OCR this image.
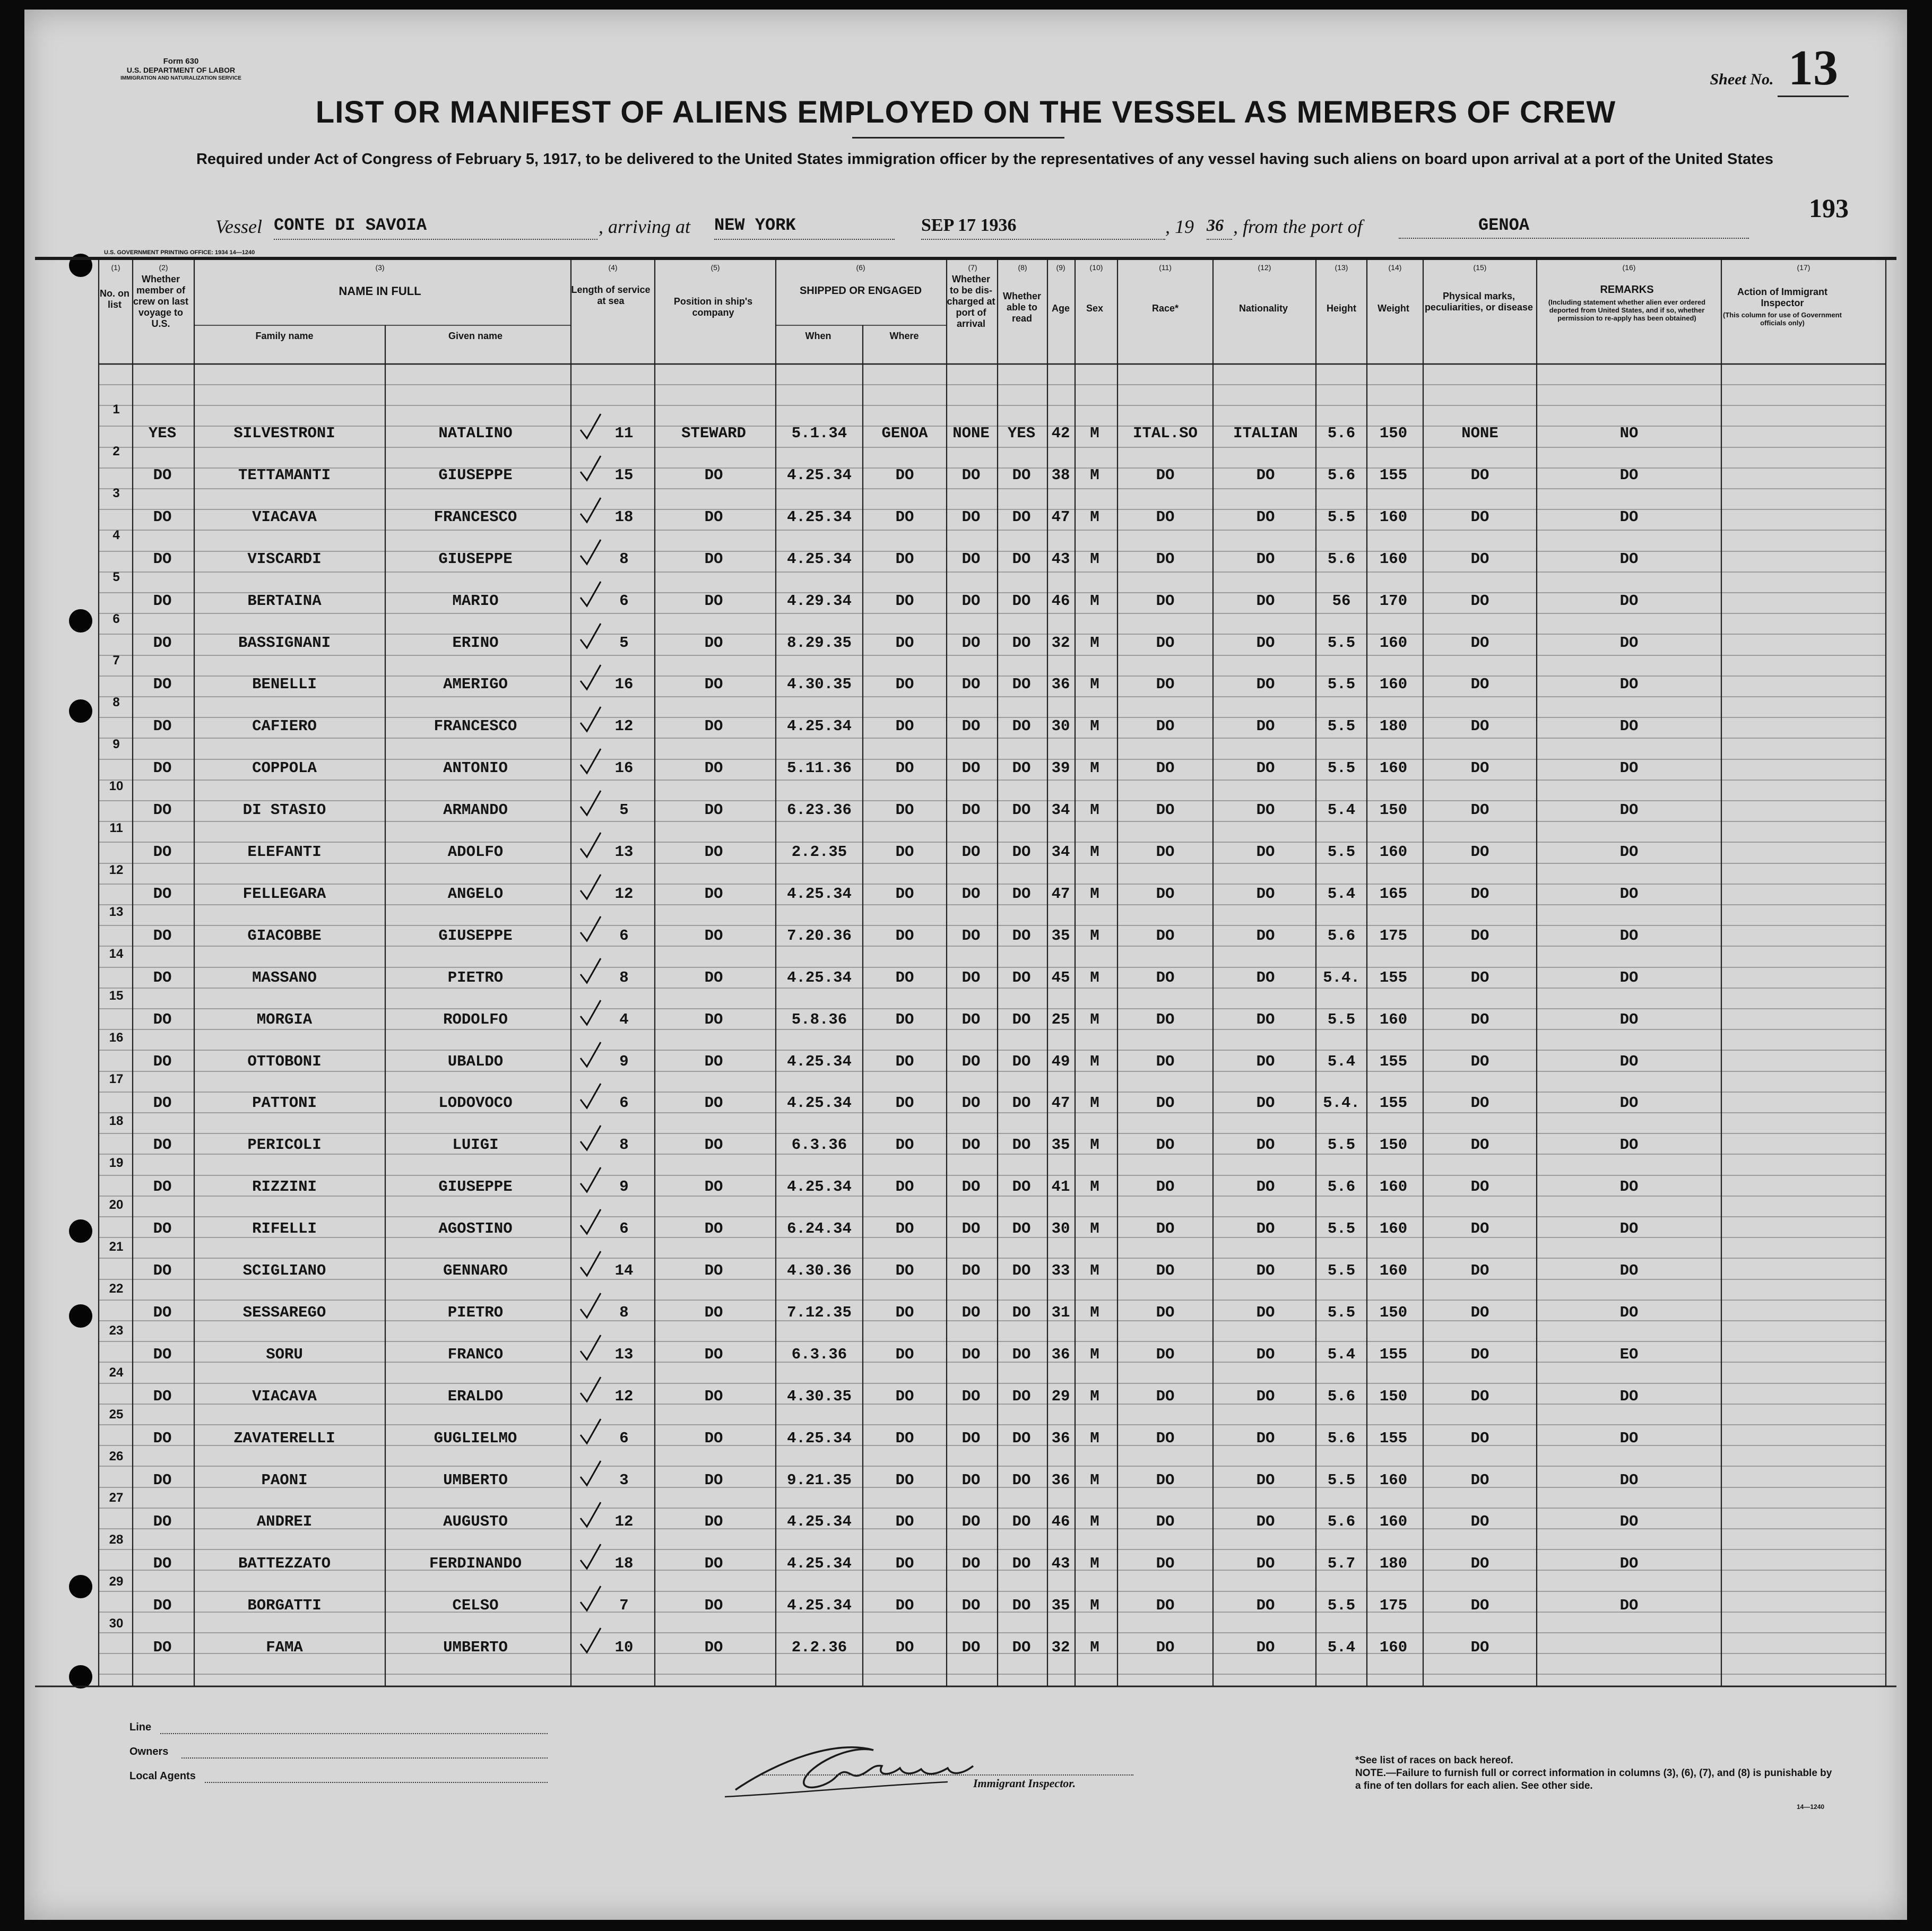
Form 630
U.S. DEPARTMENT OF LABOR
IMMIGRATION AND NATURALIZATION SERVICE	Sheet No. 13
LIST OR MANIFEST OF ALIENS EMPLOYED ON THE VESSEL AS MEMBERS OF CREW
Required under Act of Congress of February 5, 1917, to be delivered to the United States immigration officer by the representatives of any vessel having such aliens on board upon arrival at a port of the United States
193
Vessel CONTE DI SAVOIA	, arriving at NEW YORK	SEP 17 1936	, 19 36 , from the port of	GENOA
U.S. GOVERNMENT PRINTING OFFICE: 1934 14—1240
No. on list
Whether member of crew on last voyage to U.S.
NAME IN FULL
Family name	Given name
Length of service at sea	Position in ship's company
SHIPPED OR ENGAGED
When	Where
Whether to be dis-charged at port of arrival
Whether able to read
Age	Sex	Race*	Nationality	Height	Weight
Physical marks, peculiarities, or disease
REMARKS
(Including statement whether alien ever ordered deported from United States, and if so, whether permission to re-apply has been obtained)
Action of Immigrant Inspector
(This column for use of Government officials only)
(1)	(2)	(3)	(4)	(5)	(6)	(7)	(8)	(9)	(10)	(11)	(12)	(13)	(14)	(15)	(16)	(17)
1
YES	SILVESTRONI	NATALINO	11	STEWARD	5.1.34	GENOA	NONE	YES	42	M	ITAL.SO	ITALIAN	5.6	150	NONE	NO
2
DO	TETTAMANTI	GIUSEPPE	15	DO	4.25.34	DO	DO	DO	38	M	DO	DO	5.6	155	DO	DO
3
DO	VIACAVA	FRANCESCO	18	DO	4.25.34	DO	DO	DO	47	M	DO	DO	5.5	160	DO	DO
4
DO	VISCARDI	GIUSEPPE	8	DO	4.25.34	DO	DO	DO	43	M	DO	DO	5.6	160	DO	DO
5
DO	BERTAINA	MARIO	6	DO	4.29.34	DO	DO	DO	46	M	DO	DO	56	170	DO	DO
6
DO	BASSIGNANI	ERINO	5	DO	8.29.35	DO	DO	DO	32	M	DO	DO	5.5	160	DO	DO
7
DO	BENELLI	AMERIGO	16	DO	4.30.35	DO	DO	DO	36	M	DO	DO	5.5	160	DO	DO
8
DO	CAFIERO	FRANCESCO	12	DO	4.25.34	DO	DO	DO	30	M	DO	DO	5.5	180	DO	DO
9
DO	COPPOLA	ANTONIO	16	DO	5.11.36	DO	DO	DO	39	M	DO	DO	5.5	160	DO	DO
10
DO	DI STASIO	ARMANDO	5	DO	6.23.36	DO	DO	DO	34	M	DO	DO	5.4	150	DO	DO
11
DO	ELEFANTI	ADOLFO	13	DO	2.2.35	DO	DO	DO	34	M	DO	DO	5.5	160	DO	DO
12
DO	FELLEGARA	ANGELO	12	DO	4.25.34	DO	DO	DO	47	M	DO	DO	5.4	165	DO	DO
13
DO	GIACOBBE	GIUSEPPE	6	DO	7.20.36	DO	DO	DO	35	M	DO	DO	5.6	175	DO	DO
14
DO	MASSANO	PIETRO	8	DO	4.25.34	DO	DO	DO	45	M	DO	DO	5.4.	155	DO	DO
15
DO	MORGIA	RODOLFO	4	DO	5.8.36	DO	DO	DO	25	M	DO	DO	5.5	160	DO	DO
16
DO	OTTOBONI	UBALDO	9	DO	4.25.34	DO	DO	DO	49	M	DO	DO	5.4	155	DO	DO
17
DO	PATTONI	LODOVOCO	6	DO	4.25.34	DO	DO	DO	47	M	DO	DO	5.4.	155	DO	DO
18
DO	PERICOLI	LUIGI	8	DO	6.3.36	DO	DO	DO	35	M	DO	DO	5.5	150	DO	DO
19
DO	RIZZINI	GIUSEPPE	9	DO	4.25.34	DO	DO	DO	41	M	DO	DO	5.6	160	DO	DO
20
DO	RIFELLI	AGOSTINO	6	DO	6.24.34	DO	DO	DO	30	M	DO	DO	5.5	160	DO	DO
21
DO	SCIGLIANO	GENNARO	14	DO	4.30.36	DO	DO	DO	33	M	DO	DO	5.5	160	DO	DO
22
DO	SESSAREGO	PIETRO	8	DO	7.12.35	DO	DO	DO	31	M	DO	DO	5.5	150	DO	DO
23
DO	SORU	FRANCO	13	DO	6.3.36	DO	DO	DO	36	M	DO	DO	5.4	155	DO	EO
24
DO	VIACAVA	ERALDO	12	DO	4.30.35	DO	DO	DO	29	M	DO	DO	5.6	150	DO	DO
25
DO	ZAVATERELLI	GUGLIELMO	6	DO	4.25.34	DO	DO	DO	36	M	DO	DO	5.6	155	DO	DO
26
DO	PAONI	UMBERTO	3	DO	9.21.35	DO	DO	DO	36	M	DO	DO	5.5	160	DO	DO
27
DO	ANDREI	AUGUSTO	12	DO	4.25.34	DO	DO	DO	46	M	DO	DO	5.6	160	DO	DO
28
DO	BATTEZZATO	FERDINANDO	18	DO	4.25.34	DO	DO	DO	43	M	DO	DO	5.7	180	DO	DO
29
DO	BORGATTI	CELSO	7	DO	4.25.34	DO	DO	DO	35	M	DO	DO	5.5	175	DO	DO
30
DO	FAMA	UMBERTO	10	DO	2.2.36	DO	DO	DO	32	M	DO	DO	5.4	160	DO
Line
Owners
Local Agents
Immigrant Inspector.
*See list of races on back hereof.
NOTE.—Failure to furnish full or correct information in columns (3), (6), (7), and (8) is punishable by a fine of ten dollars for each alien. See other side.
14—1240
